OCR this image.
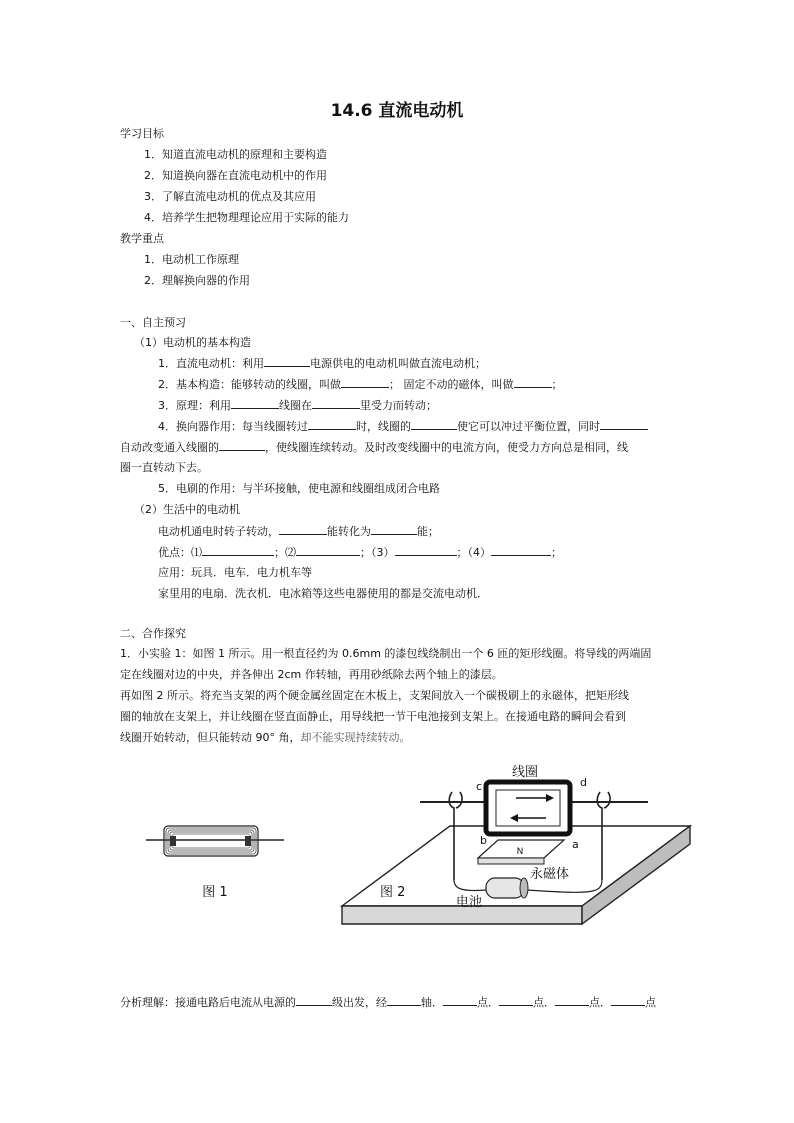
14.6 直流电动机
学习目标
1．知道直流电动机的原理和主要构造
2．知道换向器在直流电动机中的作用
3．了解直流电动机的优点及其应用
4．培养学生把物理理论应用于实际的能力
教学重点
1．电动机工作原理
2．理解换向器的作用
一、自主预习
（1）电动机的基本构造
1．直流电动机：利用	电源供电的电动机叫做直流电动机；
2．基本构造：能够转动的线圈，叫做	； 固定不动的磁体，叫做	；
3．原理：利用	线圈在	里受力而转动；
4．换向器作用：每当线圈转过	时，线圈的	使它可以冲过平衡位置，同时
自动改变通入线圈的	，使线圈连续转动。及时改变线圈中的电流方向，使受力方向总是相同，线
圈一直转动下去。
5．电刷的作用：与半环接触，使电源和线圈组成闭合电路
（2）生活中的电动机
电动机通电时转子转动，	能转化为	能；
优点：⑴	；⑵	；（3）	；（4）	；
应用：玩具．电车．电力机车等
家里用的电扇．洗衣机．电冰箱等这些电器使用的都是交流电动机．
二、合作探究
1．小实验 1：如图 1 所示。用一根直径约为 0.6mm 的漆包线绕制出一个 6 匝的矩形线圈。将导线的两端固
定在线圈对边的中央，并各伸出 2cm 作转轴，再用砂纸除去两个轴上的漆层。
再如图 2 所示。将充当支架的两个硬金属丝固定在木板上，支架间放入一个碳极刷上的永磁体，把矩形线
圈的轴放在支架上，并让线圈在竖直面静止，用导线把一节干电池接到支架上。在接通电路的瞬间会看到
线圈开始转动，但只能转动 90° 角，却不能实现持续转动。
图 1
N
线圈
c	d
b	a
永磁体
电池
图 2
分析理解：接通电路后电流从电源的	级出发，经	轴．	点．	点．	点．	点
